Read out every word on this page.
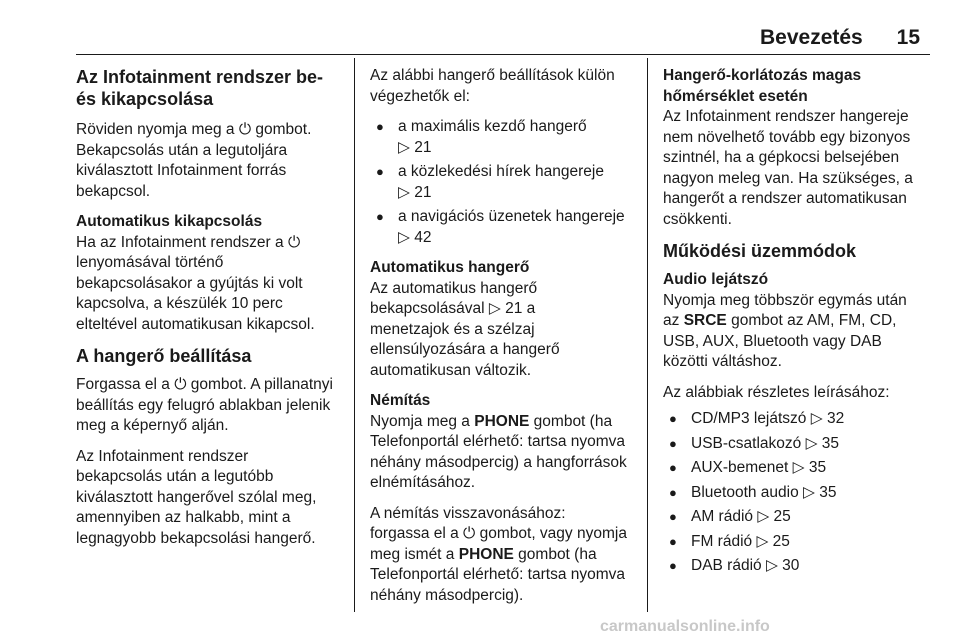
Bevezetés 15
Az Infotainment rendszer be- és kikapcsolása

Röviden nyomja meg a ⏻ gombot.
Bekapcsolás után a legutoljára
kiválasztott Infotainment forrás
bekapcsol.

Automatikus kikapcsolás

Ha az Infotainment rendszer a ⏻
lenyomásával történő
bekapcsolásakor a gyújtás ki volt
kapcsolva, a készülék 10 perc
elteltével automatikusan kikapcsol.

A hangerő beállítása

Forgassa el a ⏻ gombot. A pillanatnyi
beállítás egy felugró ablakban jelenik
meg a képernyő alján.

Az Infotainment rendszer
bekapcsolás után a legutóbb
kiválasztott hangerővel szólal meg,
amennyiben az halkabb, mint a
legnagyobb bekapcsolási hangerő.

Az alábbi hangerő beállítások külön
végezhetők el:

● a maximális kezdő hangerő
▷ 21
● a közlekedési hírek hangereje
▷ 21
● a navigációs üzenetek hangereje
▷ 42
Automatikus hangerő

Az automatikus hangerő
bekapcsolásával ▷ 21 a
menetzajok és a szélzaj
ellensúlyozására a hangerő
automatikusan változik.

Némítás

Nyomja meg a PHONE gombot (ha
Telefonportál elérhető: tartsa nyomva
néhány másodpercig) a hangforrások
elnémításához.

A némítás visszavonásához:
forgassa el a ⏻ gombot, vagy nyomja
meg ismét a PHONE gombot (ha
Telefonportál elérhető: tartsa nyomva
néhány másodpercig).

Hangerő-korlátozás magas
hőmérséklet esetén

Az Infotainment rendszer hangereje
nem növelhető tovább egy bizonyos
szintnél, ha a gépkocsi belsejében
nagyon meleg van. Ha szükséges, a
hangerőt a rendszer automatikusan
csökkenti.

Működési üzemmódok
Audio lejátszó

Nyomja meg többször egymás után
az SRCE gombot az AM, FM, CD,
USB, AUX, Bluetooth vagy DAB
közötti váltáshoz.

Az alábbiak részletes leírásához:

● CD/MP3 lejátszó ▷ 32
● USB-csatlakozó ▷ 35
● AUX-bemenet ▷ 35
● Bluetooth audio ▷ 35
● AM rádió ▷ 25
● FM rádió ▷ 25
● DAB rádió ▷ 30
carmanualsonline.info
